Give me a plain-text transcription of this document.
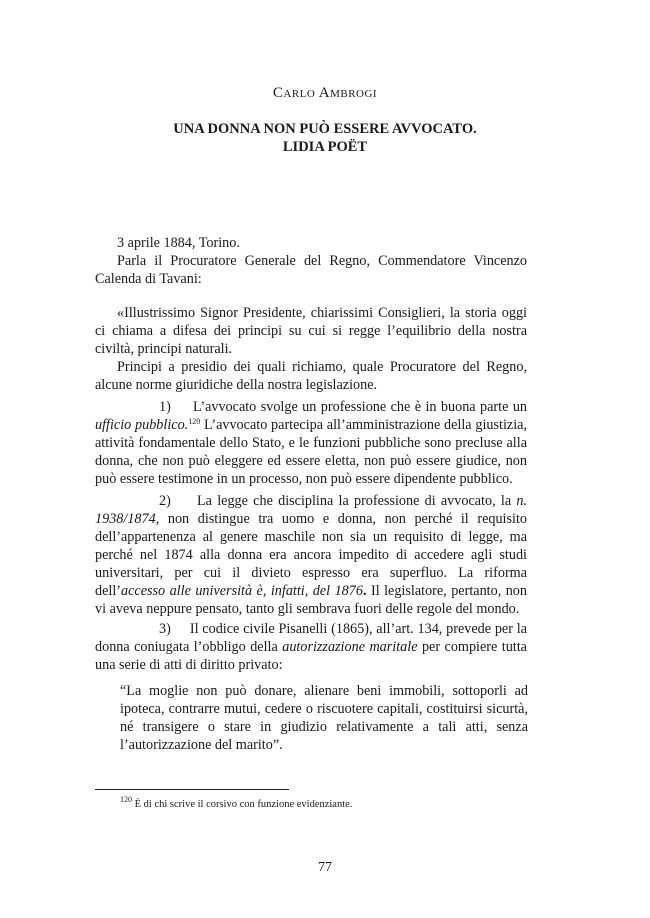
Carlo Ambrogi
UNA DONNA NON PUÒ ESSERE AVVOCATO.
LIDIA POËT

3 aprile 1884, Torino.

Parla il Procuratore Generale del Regno, Commendatore Vincenzo Calenda di Tavani:

«Illustrissimo Signor Presidente, chiarissimi Consiglieri, la storia oggi ci chiama a difesa dei principi su cui si regge l’equilibrio della nostra civiltà, principi naturali.

Principi a presidio dei quali richiamo, quale Procuratore del Regno, alcune norme giuridiche della nostra legislazione.

1) L’avvocato svolge un professione che è in buona parte un ufficio pubblico.$^{120}$ L’avvocato partecipa all’amministrazione della giustizia, attività fondamentale dello Stato, e le funzioni pubbliche sono precluse alla donna, che non può eleggere ed essere eletta, non può essere giudice, non può essere testimone in un processo, non può essere dipendente pubblico.

2) La legge che disciplina la professione di avvocato, la n. 1938/1874, non distingue tra uomo e donna, non perché il requisito dell’appartenenza al genere maschile non sia un requisito di legge, ma perché nel 1874 alla donna era ancora impedito di accedere agli studi universitari, per cui il divieto espresso era superfluo. La riforma dell’accesso alle università è, infatti, del 1876. Il legislatore, pertanto, non vi aveva neppure pensato, tanto gli sembrava fuori delle regole del mondo.

3) Il codice civile Pisanelli (1865), all’art. 134, prevede per la donna coniugata l’obbligo della autorizzazione maritale per compiere tutta una serie di atti di diritto privato:

“La moglie non può donare, alienare beni immobili, sottoporli ad ipoteca, contrarre mutui, cedere o riscuotere capitali, costituirsi sicurtà, né transigere o stare in giudizio relativamente a tali atti, senza l’autorizzazione del marito”.

$^{120}$ È di chi scrive il corsivo con funzione evidenziante.
77
